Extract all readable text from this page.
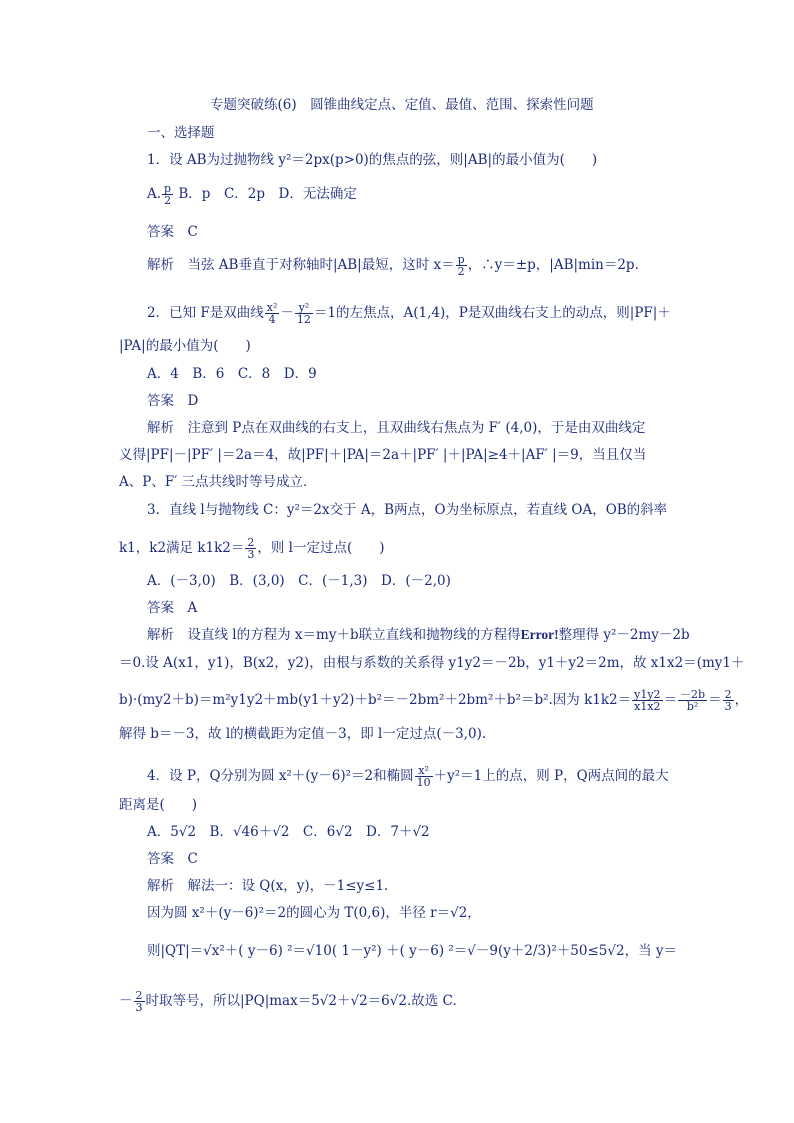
专题突破练(6)　圆锥曲线定点、定值、最值、范围、探索性问题
一、选择题
1．设 AB为过抛物线 y²＝2px(p>0)的焦点的弦，则|AB|的最小值为(　　)
A. $\frac{p}{2}$ B．p　C．2p　D．无法确定
答案　C
解析　当弦 AB垂直于对称轴时|AB|最短，这时 $x= \frac{p}{2}$ ，∴y＝±p，|AB|min＝2p.
2．已知 F是双曲线 $\frac{\text{x²}}{4} - \frac{\text{y²}}{12} =1$的左焦点，A(1,4)，P是双曲线右支上的动点，则|PF|＋
|PA|的最小值为(　　)
A．4　B．6　C．8　D．9
答案　D
解析　注意到 P点在双曲线的右支上，且双曲线右焦点为 F′ (4,0)，于是由双曲线定
义得|PF|－|PF′ |＝2a＝4，故|PF|＋|PA|＝2a＋|PF′ |＋|PA|≥4＋|AF′ |＝9，当且仅当
A、P、F′ 三点共线时等号成立．
3．直线 l与抛物线 C：y²＝2x交于 A，B两点，O为坐标原点，若直线 OA，OB的斜率
k1，k2满足 $k1k2= \frac{2}{3}$ ，则 l一定过点(　　)
A．(－3,0)　B．(3,0)　C．(－1,3)　D．(－2,0)
答案　A
解析　设直线 l的方程为 x＝my＋b联立直线和抛物线的方程得Error!整理得 y²－2my－2b
＝0.设 A(x1，y1)，B(x2，y2)，由根与系数的关系得 y1y2＝－2b，y1＋y2＝2m，故 x1x2＝(my1＋
b)·(my2＋b)＝m²y1y2＋mb(y1＋y2)＋b²＝－2bm²＋2bm²＋b²＝b².因为 $k1k2= \frac{y1y2}{x1x2} = \frac{-2b}{\text{b²}} = \frac{2}{3}$ ，
解得 b＝－3，故 l的横截距为定值－3，即 l一定过点(－3,0).
4．设 P，Q分别为圆 x²＋(y－6)²＝2和椭圆 $\frac{\text{x²}}{10} +y^2=1$上的点，则 P，Q两点间的最大
距离是(　　)
A．5√2　B．√46＋√2　C．6√2　D．7＋√2
答案　C
解析　解法一：设 Q(x，y)，－1≤y≤1.
因为圆 x²＋(y－6)²＝2的圆心为 T(0,6)，半径 r＝√2，
则|QT|＝√x²＋( y－6) ²＝√10( 1－y²) ＋( y－6) ²＝√－9(y＋2/3)²＋50≤5√2，当 y＝
－ $\frac{2}{3}$ 时取等号，所以|PQ|max＝5√2＋√2＝6√2.故选 C.
